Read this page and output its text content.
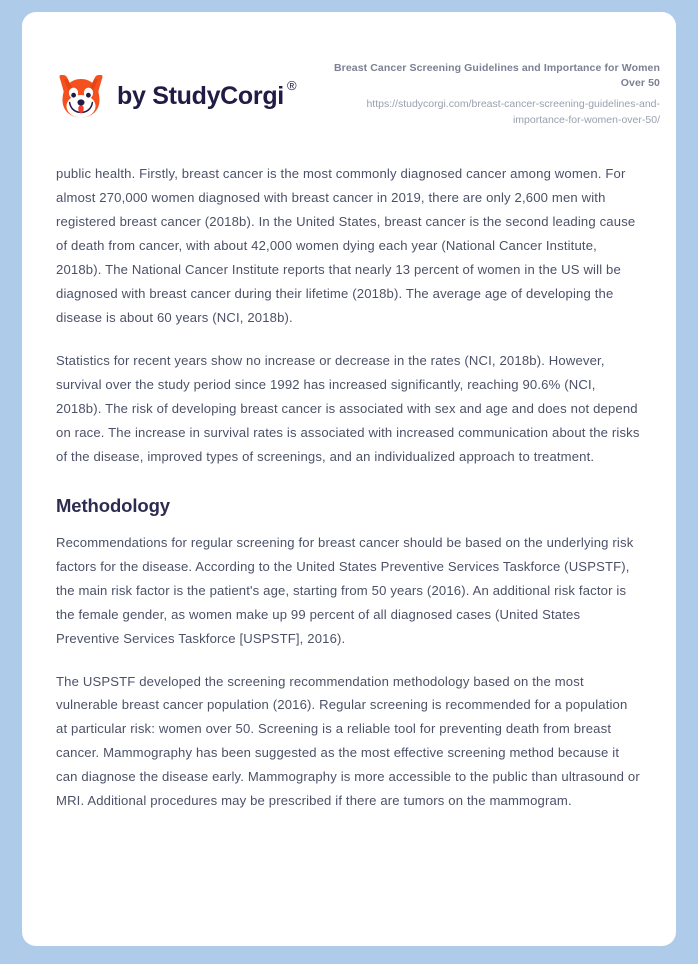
by StudyCorgi ®
Breast Cancer Screening Guidelines and Importance for Women Over 50
https://studycorgi.com/breast-cancer-screening-guidelines-and-importance-for-women-over-50/

public health. Firstly, breast cancer is the most commonly diagnosed cancer among women. For almost 270,000 women diagnosed with breast cancer in 2019, there are only 2,600 men with registered breast cancer (2018b). In the United States, breast cancer is the second leading cause of death from cancer, with about 42,000 women dying each year (National Cancer Institute, 2018b). The National Cancer Institute reports that nearly 13 percent of women in the US will be diagnosed with breast cancer during their lifetime (2018b). The average age of developing the disease is about 60 years (NCI, 2018b).

Statistics for recent years show no increase or decrease in the rates (NCI, 2018b). However, survival over the study period since 1992 has increased significantly, reaching 90.6% (NCI, 2018b). The risk of developing breast cancer is associated with sex and age and does not depend on race. The increase in survival rates is associated with increased communication about the risks of the disease, improved types of screenings, and an individualized approach to treatment.

Methodology

Recommendations for regular screening for breast cancer should be based on the underlying risk factors for the disease. According to the United States Preventive Services Taskforce (USPSTF), the main risk factor is the patient's age, starting from 50 years (2016). An additional risk factor is the female gender, as women make up 99 percent of all diagnosed cases (United States Preventive Services Taskforce [USPSTF], 2016).

The USPSTF developed the screening recommendation methodology based on the most vulnerable breast cancer population (2016). Regular screening is recommended for a population at particular risk: women over 50. Screening is a reliable tool for preventing death from breast cancer. Mammography has been suggested as the most effective screening method because it can diagnose the disease early. Mammography is more accessible to the public than ultrasound or MRI. Additional procedures may be prescribed if there are tumors on the mammogram.
